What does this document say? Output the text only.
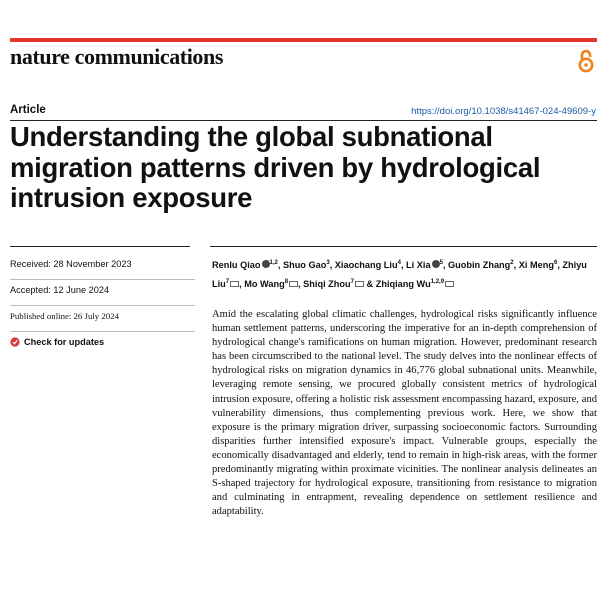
nature communications
Article	https://doi.org/10.1038/s41467-024-49609-y
Understanding the global subnational migration patterns driven by hydrological intrusion exposure
Received: 28 November 2023
Accepted: 12 June 2024
Published online: 26 July 2024
Check for updates

Renlu Qiao $^{1,2}$, Shuo Gao$^3$, Xiaochang Liu$^4$, Li Xia $^5$, Guobin Zhang$^2$, Xi Meng$^6$, Zhiyu Liu$^7$ , Mo Wang$^8$ , Shiqi Zhou$^7$ & Zhiqiang Wu$^{1,2,9}$

Amid the escalating global climatic challenges, hydrological risks significantly influence human settlement patterns, underscoring the imperative for an in-depth comprehension of hydrological change's ramifications on human migration. However, predominant research has been circumscribed to the national level. The study delves into the nonlinear effects of hydrological risks on migration dynamics in 46,776 global subnational units. Meanwhile, leveraging remote sensing, we procured globally consistent metrics of hydrological intrusion exposure, offering a holistic risk assessment encompassing hazard, exposure, and vulnerability dimensions, thus complementing previous work. Here, we show that exposure is the primary migration driver, surpassing socioeconomic factors. Surrounding disparities further intensified exposure's impact. Vulnerable groups, especially the economically disadvantaged and elderly, tend to remain in high-risk areas, with the former predominantly migrating within proximate vicinities. The nonlinear analysis delineates an S-shaped trajectory for hydrological exposure, transitioning from resistance to migration and culminating in entrapment, revealing dependence on settlement resilience and adaptability.
